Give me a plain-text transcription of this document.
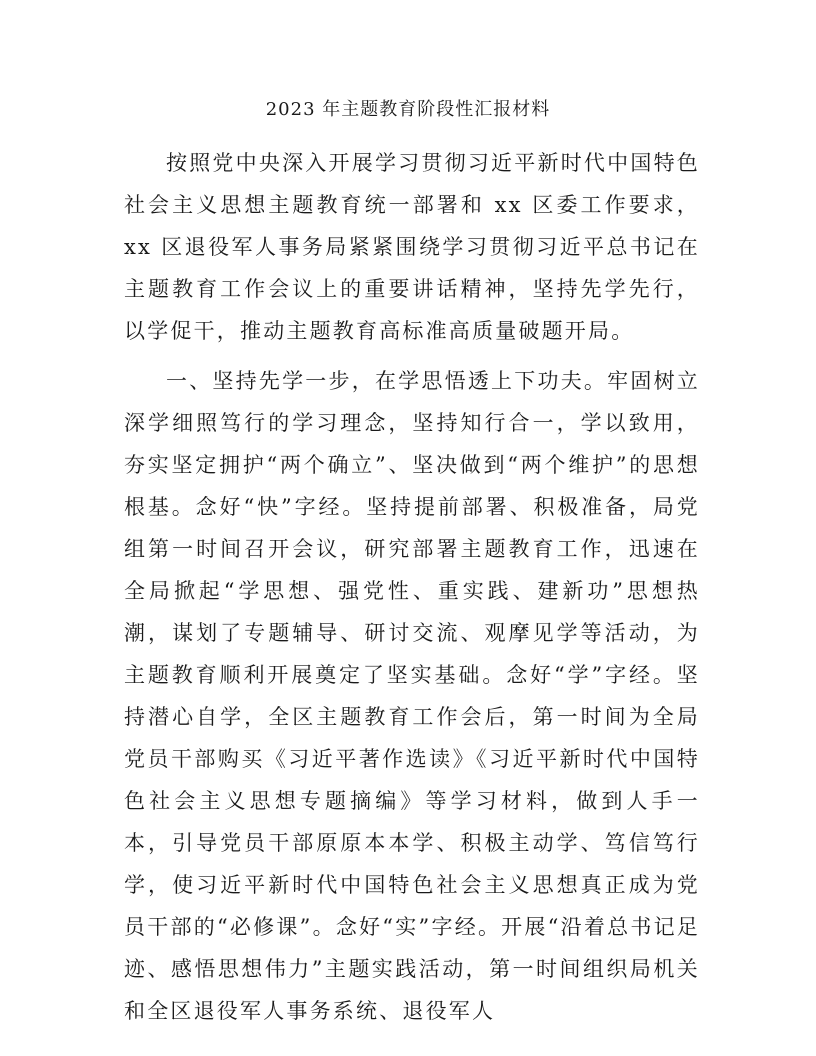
2023 年主题教育阶段性汇报材料

按照党中央深入开展学习贯彻习近平新时代中国特色社会主义思想主题教育统一部署和 xx 区委工作要求，xx 区退役军人事务局紧紧围绕学习贯彻习近平总书记在主题教育工作会议上的重要讲话精神，坚持先学先行，以学促干，推动主题教育高标准高质量破题开局。

一、坚持先学一步，在学思悟透上下功夫。牢固树立深学细照笃行的学习理念，坚持知行合一，学以致用，夯实坚定拥护“两个确立”、坚决做到“两个维护”的思想根基。念好“快”字经。坚持提前部署、积极准备，局党组第一时间召开会议，研究部署主题教育工作，迅速在全局掀起“学思想、强党性、重实践、建新功”思想热潮，谋划了专题辅导、研讨交流、观摩见学等活动，为主题教育顺利开展奠定了坚实基础。念好“学”字经。坚持潜心自学，全区主题教育工作会后，第一时间为全局党员干部购买《习近平著作选读》《习近平新时代中国特色社会主义思想专题摘编》等学习材料，做到人手一本，引导党员干部原原本本学、积极主动学、笃信笃行学，使习近平新时代中国特色社会主义思想真正成为党员干部的“必修课”。念好“实”字经。开展“沿着总书记足迹、感悟思想伟力”主题实践活动，第一时间组织局机关和全区退役军人事务系统、退役军人
